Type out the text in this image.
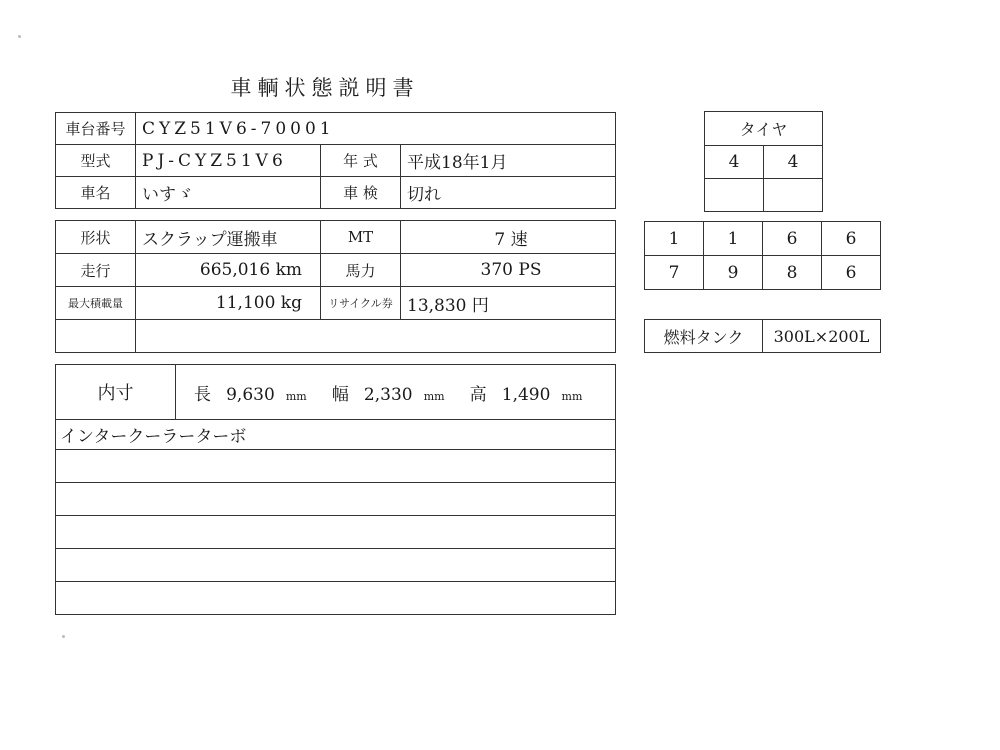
車輌状態説明書
車台番号	CYZ51V6-70001		
型式	PJ-CYZ51V6	年 式	平成18年1月
車名	いすゞ	車 検	切れ
形状	スクラップ運搬車	MT	7 速
走行	665,016 km	馬力	370 PS
最大積載量	11,100 kg	リサイクル券	13,830 円

内寸	長 9,630 mm 幅 2,330 mm 高 1,490 mm
インタークーラーターボ

タイヤ	
4	4

1	1	6	6
7	9	8	6
燃料タンク	300L×200L
